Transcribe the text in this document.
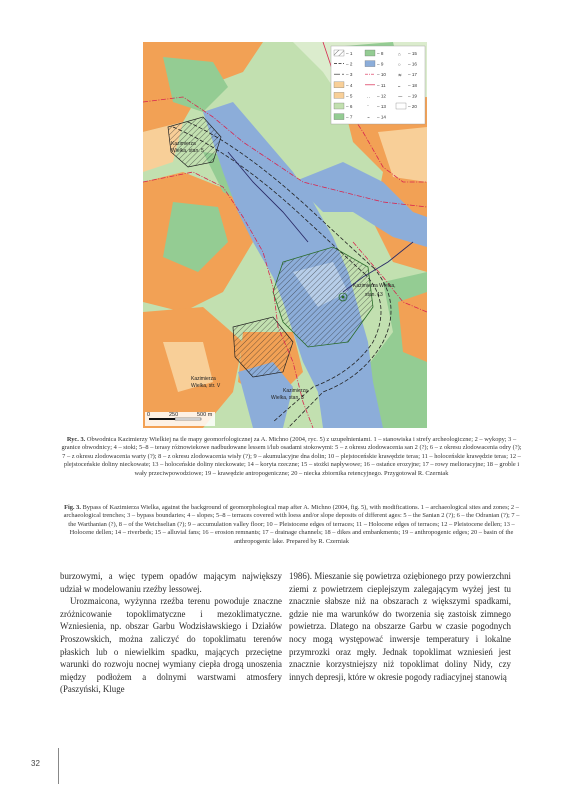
– 1
– 2
– 3
– 4
– 5
– 6
– 7
– 8
– 9
– 10
– 11
‥ – 12
¨ – 13
~ – 14
⌂ – 15
○ – 16
≋ – 17
⎯ – 18
⁓ – 19
– 20
Kazimierza
Wielka, stan. 5
Kazimierza Wielka,
stan. 13
Kazimierza
Wielka, str. V
Kazimierza
Wielka, stan. 3
0	250	500 m
Ryc. 3. Obwodnica Kazimierzy Wielkiej na tle mapy geomorfologicznej za A. Michno (2004, ryc. 5) z uzupełnieniami. 1 – stanowiska i strefy archeologiczne; 2 – wykopy; 3 – granice obwodnicy; 4 – stoki; 5–8 – terasy różnowiekowe nadbudowane lessem i/lub osadami stokowymi: 5 – z okresu zlodowacenia san 2 (?); 6 – z okresu zlodowacenia odry (?); 7 – z okresu zlodowacenia warty (?); 8 – z okresu zlodowacenia wisły (?); 9 – akumulacyjne dna dolin; 10 – plejstoceńskie krawędzie teras; 11 – holoceńskie krawędzie teras; 12 – plejstoceńskie doliny nieckowate; 13 – holoceńskie doliny nieckowate; 14 – koryta rzeczne; 15 – stożki napływowe; 16 – ostańce erozyjne; 17 – rowy melioracyjne; 18 – groble i wały przeciwpowodziowe; 19 – krawędzie antropogeniczne; 20 – niecka zbiornika retencyjnego. Przygotował R. Czerniak
Fig. 3. Bypass of Kazimierza Wielka, against the background of geomorphological map after A. Michno (2004, fig. 5), with modifications. 1 – archaeological sites and zones; 2 – archaeological trenches; 3 – bypass boundaries; 4 – slopes; 5–8 – terraces covered with loess and/or slope deposits of different ages: 5 – the Sanian 2 (?); 6 – the Odranian (?); 7 – the Warthanian (?), 8 – of the Weichselian (?); 9 – accumulation valley floor; 10 – Pleistocene edges of terraces; 11 – Holocene edges of terraces; 12 – Pleistocene dellen; 13 – Holocene dellen; 14 – riverbeds; 15 – alluvial fans; 16 – erosion remnants; 17 – drainage channels; 18 – dikes and embankments; 19 – anthropogenic edges; 20 – basin of the anthropogenic lake. Prepared by R. Czerniak

burzowymi, a więc typem opadów mającym największy udział w modelowaniu rzeźby lessowej.

Urozmaicona, wyżynna rzeźba terenu powoduje znaczne zróżnicowanie topoklimatyczne i mezoklimatyczne. Wzniesienia, np. obszar Garbu Wodzisławskiego i Działów Proszowskich, można zaliczyć do topoklimatu terenów płaskich lub o niewielkim spadku, mających przeciętne warunki do rozwoju nocnej wymiany ciepła drogą unoszenia między podłożem a dolnymi warstwami atmosfery (Paszyński, Kluge

1986). Mieszanie się powietrza oziębionego przy powierzchni ziemi z powietrzem cieplejszym zalegającym wyżej jest tu znacznie słabsze niż na obszarach z większymi spadkami, gdzie nie ma warunków do tworzenia się zastoisk zimnego powietrza. Dlatego na obszarze Garbu w czasie pogodnych nocy mogą występować inwersje temperatury i lokalne przymrozki oraz mgły. Jednak topoklimat wzniesień jest znacznie korzystniejszy niż topoklimat doliny Nidy, czy innych depresji, które w okresie pogody radiacyjnej stanowią

32
